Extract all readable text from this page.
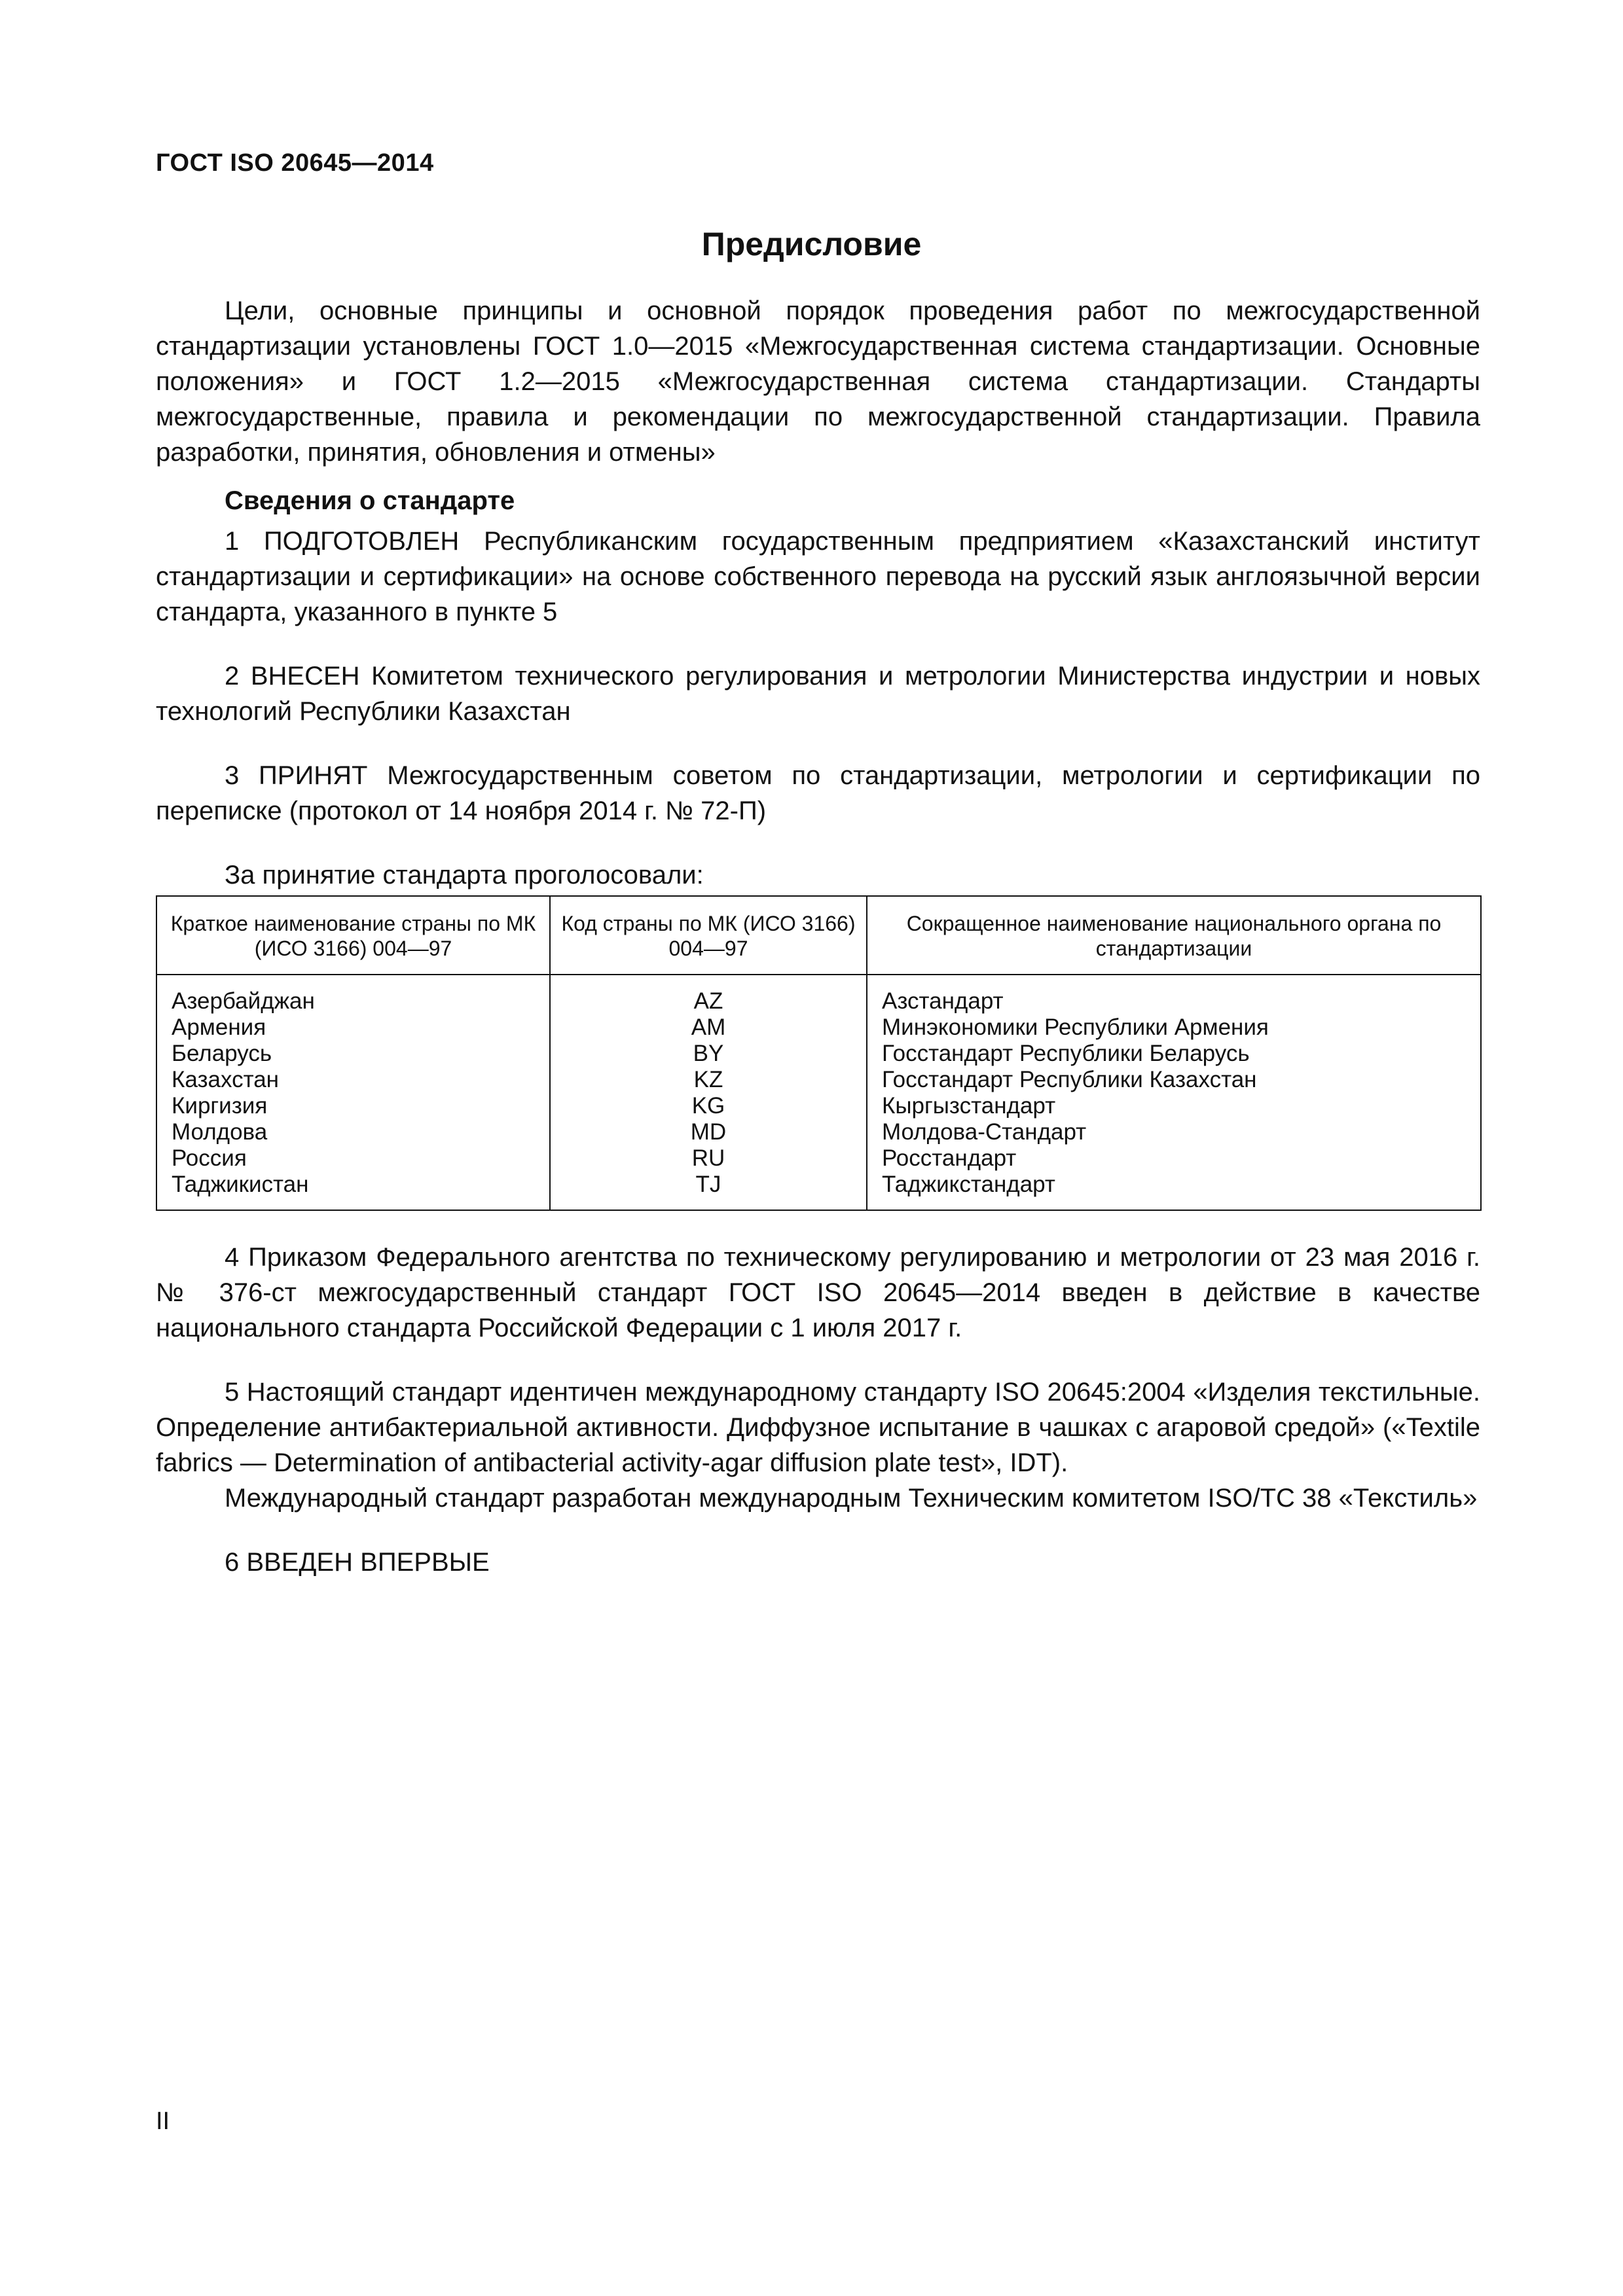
ГОСТ ISO 20645—2014
Предисловие

Цели, основные принципы и основной порядок проведения работ по межгосударственной стандартизации установлены ГОСТ 1.0—2015 «Межгосударственная система стандартизации. Основные положения» и ГОСТ 1.2—2015 «Межгосударственная система стандартизации. Стандарты межгосударственные, правила и рекомендации по межгосударственной стандартизации. Правила разработки, принятия, обновления и отмены»

Сведения о стандарте

1 ПОДГОТОВЛЕН Республиканским государственным предприятием «Казахстанский институт стандартизации и сертификации» на основе собственного перевода на русский язык англоязычной версии стандарта, указанного в пункте 5

2 ВНЕСЕН Комитетом технического регулирования и метрологии Министерства индустрии и новых технологий Республики Казахстан

3 ПРИНЯТ Межгосударственным советом по стандартизации, метрологии и сертификации по переписке (протокол от 14 ноября 2014 г. № 72-П)

За принятие стандарта проголосовали:

Краткое наименование страны по МК (ИСО 3166) 004—97	Код страны по МК (ИСО 3166) 004—97	Сокращенное наименование национального органа по стандартизации
Азербайджан	AZ	Азстандарт
Армения	AM	Минэкономики Республики Армения
Беларусь	BY	Госстандарт Республики Беларусь
Казахстан	KZ	Госстандарт Республики Казахстан
Киргизия	KG	Кыргызстандарт
Молдова	MD	Молдова-Стандарт
Россия	RU	Росстандарт
Таджикистан	TJ	Таджикстандарт

4 Приказом Федерального агентства по техническому регулированию и метрологии от 23 мая 2016 г. № 376-ст межгосударственный стандарт ГОСТ ISO 20645—2014 введен в действие в качестве национального стандарта Российской Федерации с 1 июля 2017 г.

5 Настоящий стандарт идентичен международному стандарту ISO 20645:2004 «Изделия текстильные. Определение антибактериальной активности. Диффузное испытание в чашках с агаровой средой» («Textile fabrics — Determination of antibacterial activity-agar diffusion plate test», IDT).

Международный стандарт разработан международным Техническим комитетом ISO/TC 38 «Текстиль»

6 ВВЕДЕН ВПЕРВЫЕ

II
